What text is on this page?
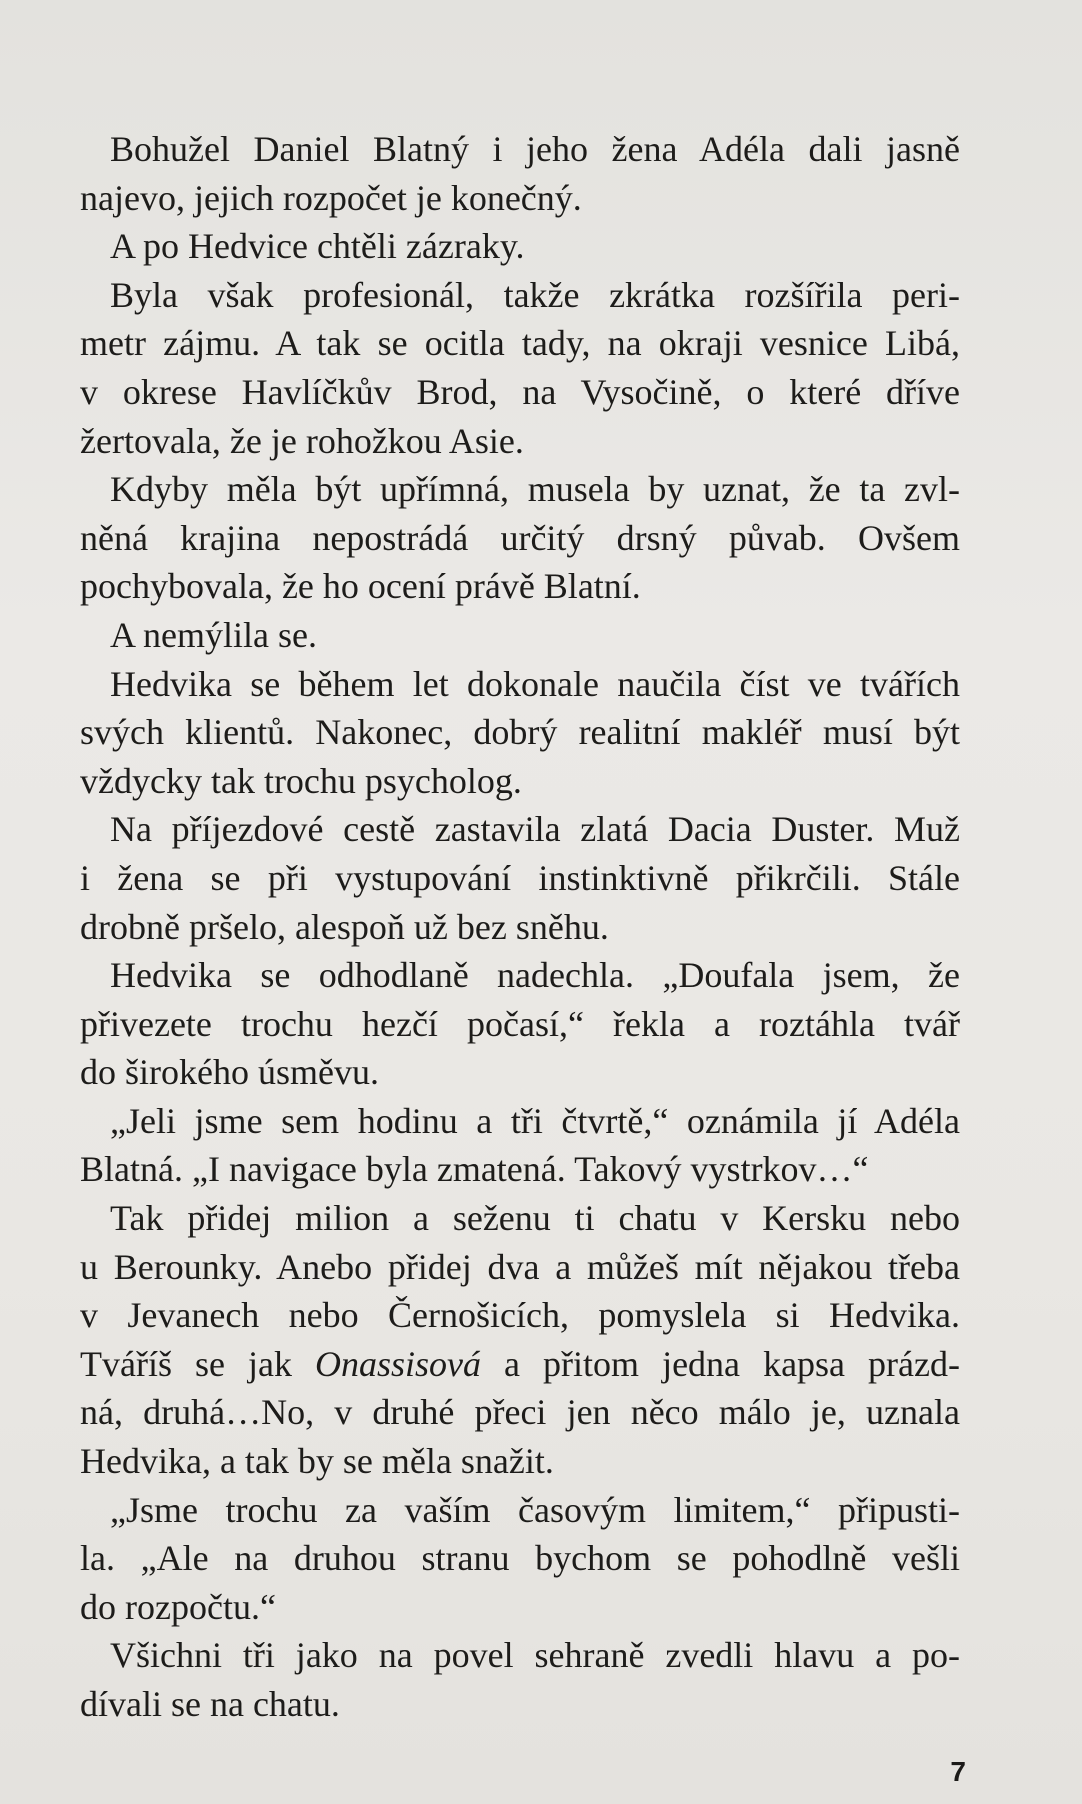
Bohužel Daniel Blatný i jeho žena Adéla dali jasně
najevo, jejich rozpočet je konečný.
A po Hedvice chtěli zázraky.
Byla však profesionál, takže zkrátka rozšířila peri-
metr zájmu. A tak se ocitla tady, na okraji vesnice Libá,
v okrese Havlíčkův Brod, na Vysočině, o které dříve
žertovala, že je rohožkou Asie.
Kdyby měla být upřímná, musela by uznat, že ta zvl-
něná krajina nepostrádá určitý drsný půvab. Ovšem
pochybovala, že ho ocení právě Blatní.
A nemýlila se.
Hedvika se během let dokonale naučila číst ve tvářích
svých klientů. Nakonec, dobrý realitní makléř musí být
vždycky tak trochu psycholog.
Na příjezdové cestě zastavila zlatá Dacia Duster. Muž
i žena se při vystupování instinktivně přikrčili. Stále
drobně pršelo, alespoň už bez sněhu.
Hedvika se odhodlaně nadechla. „Doufala jsem, že
přivezete trochu hezčí počasí,“ řekla a roztáhla tvář
do širokého úsměvu.
„Jeli jsme sem hodinu a tři čtvrtě,“ oznámila jí Adéla
Blatná. „I navigace byla zmatená. Takový vystrkov…“
Tak přidej milion a seženu ti chatu v Kersku nebo
u Berounky. Anebo přidej dva a můžeš mít nějakou třeba
v Jevanech nebo Černošicích, pomyslela si Hedvika.
Tváříš se jak Onassisová a přitom jedna kapsa prázd-
ná, druhá…No, v druhé přeci jen něco málo je, uznala
Hedvika, a tak by se měla snažit.
„Jsme trochu za vaším časovým limitem,“ připusti-
la. „Ale na druhou stranu bychom se pohodlně vešli
do rozpočtu.“
Všichni tři jako na povel sehraně zvedli hlavu a po-
dívali se na chatu.
7
